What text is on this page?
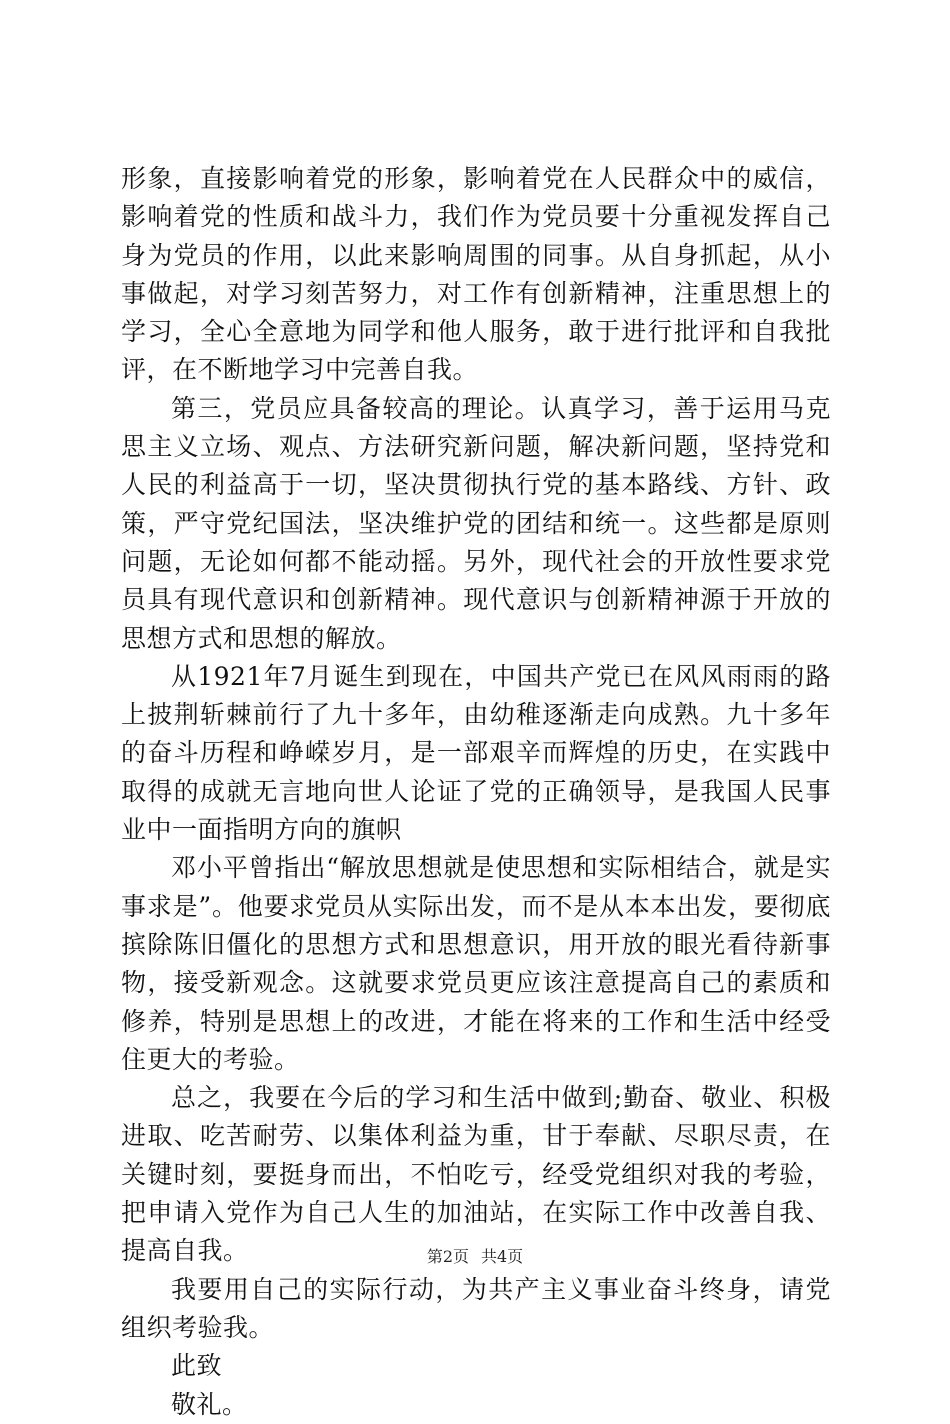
形象，直接影响着党的形象，影响着党在人民群众中的威信，影响着党的性质和战斗力，我们作为党员要十分重视发挥自己身为党员的作用，以此来影响周围的同事。从自身抓起，从小事做起，对学习刻苦努力，对工作有创新精神，注重思想上的学习，全心全意地为同学和他人服务，敢于进行批评和自我批评，在不断地学习中完善自我。

第三，党员应具备较高的理论。认真学习，善于运用马克思主义立场、观点、方法研究新问题，解决新问题，坚持党和人民的利益高于一切，坚决贯彻执行党的基本路线、方针、政策，严守党纪国法，坚决维护党的团结和统一。这些都是原则问题，无论如何都不能动摇。另外，现代社会的开放性要求党员具有现代意识和创新精神。现代意识与创新精神源于开放的思想方式和思想的解放。

从1921年7月诞生到现在，中国共产党已在风风雨雨的路上披荆斩棘前行了九十多年，由幼稚逐渐走向成熟。九十多年的奋斗历程和峥嵘岁月，是一部艰辛而辉煌的历史，在实践中取得的成就无言地向世人论证了党的正确领导，是我国人民事业中一面指明方向的旗帜

邓小平曾指出“解放思想就是使思想和实际相结合，就是实事求是”。他要求党员从实际出发，而不是从本本出发，要彻底摈除陈旧僵化的思想方式和思想意识，用开放的眼光看待新事物，接受新观念。这就要求党员更应该注意提高自己的素质和修养，特别是思想上的改进，才能在将来的工作和生活中经受住更大的考验。

总之，我要在今后的学习和生活中做到;勤奋、敬业、积极进取、吃苦耐劳、以集体利益为重，甘于奉献、尽职尽责，在关键时刻，要挺身而出，不怕吃亏，经受党组织对我的考验，把申请入党作为自己人生的加油站，在实际工作中改善自我、提高自我。

我要用自己的实际行动，为共产主义事业奋斗终身，请党组织考验我。

此致

敬礼。

第2页 共4页
